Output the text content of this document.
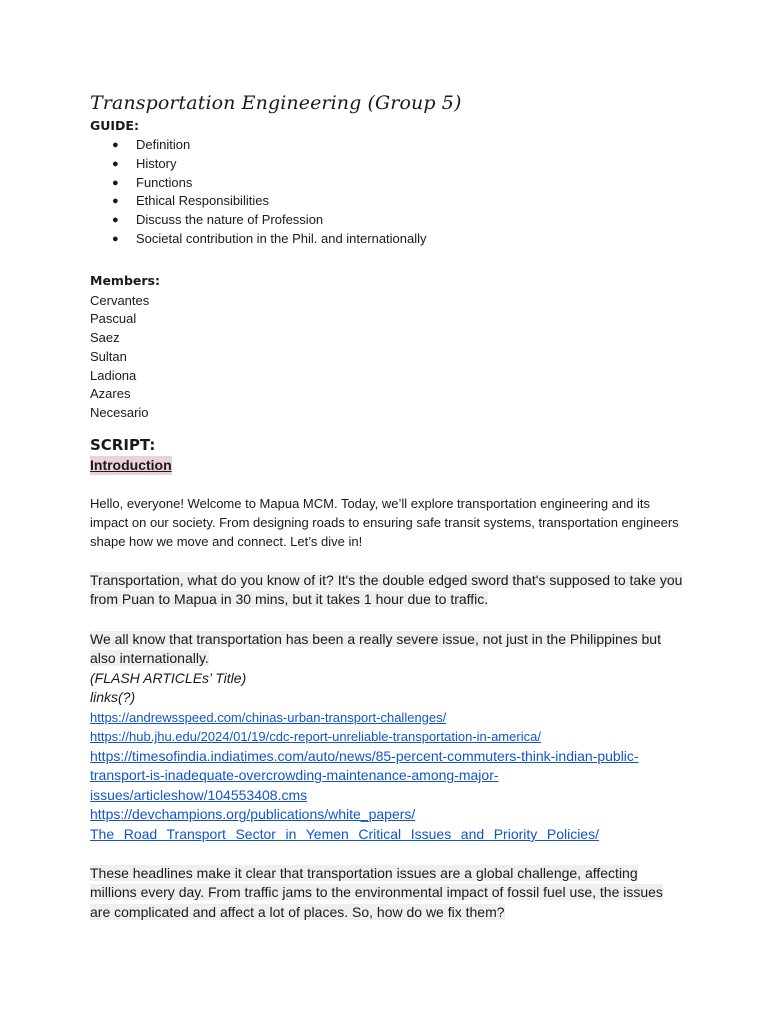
Transportation Engineering (Group 5)
GUIDE:
● Definition
● History
● Functions
● Ethical Responsibilities
● Discuss the nature of Profession
● Societal contribution in the Phil. and internationally
Members:

Cervantes

Pascual

Saez

Sultan

Ladiona

Azares

Necesario

SCRIPT:
Introduction

Hello, everyone! Welcome to Mapua MCM. Today, we’ll explore transportation engineering and its impact on our society. From designing roads to ensuring safe transit systems, transportation engineers shape how we move and connect. Let’s dive in!

Transportation, what do you know of it? It's the double edged sword that's supposed to take you from Puan to Mapua in 30 mins, but it takes 1 hour due to traffic.

We all know that transportation has been a really severe issue, not just in the Philippines but also internationally.

(FLASH ARTICLEs’ Title)

links(?)

https://andrewsspeed.com/chinas-urban-transport-challenges/
https://hub.jhu.edu/2024/01/19/cdc-report-unreliable-transportation-in-america/
https://timesofindia.indiatimes.com/auto/news/85-percent-commuters-think-indian-public-transport-is-inadequate-overcrowding-maintenance-among-major-issues/articleshow/104553408.cms
https://devchampions.org/publications/white_papers/
The Road Transport Sector in Yemen Critical Issues and Priority Policies/

These headlines make it clear that transportation issues are a global challenge, affecting millions every day. From traffic jams to the environmental impact of fossil fuel use, the issues are complicated and affect a lot of places. So, how do we fix them?
